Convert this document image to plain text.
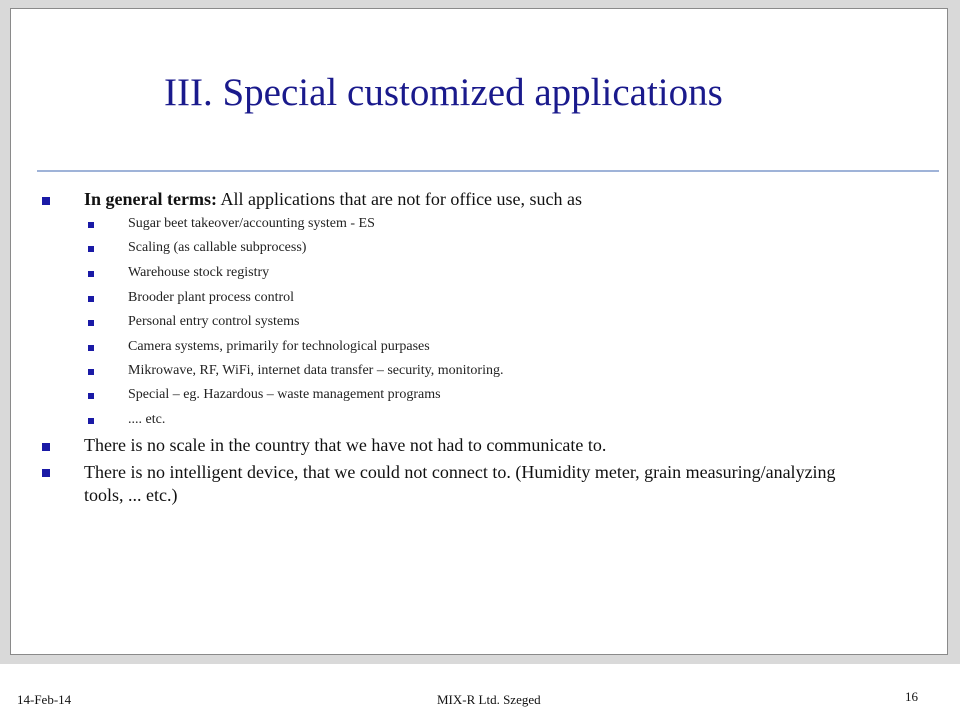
III. Special customized applications
In general terms: All applications that are not for office use, such as
Sugar beet takeover/accounting system - ES
Scaling (as callable subprocess)
Warehouse stock registry
Brooder plant process control
Personal entry control systems
Camera systems, primarily for technological purpases
Mikrowave, RF, WiFi, internet data transfer – security, monitoring.
Special – eg. Hazardous – waste management programs
.... etc.
There is no scale in the country that we have not had to communicate to.
There is no intelligent device, that we could not connect to. (Humidity meter, grain measuring/analyzing
tools, ... etc.)
14-Feb-14	MIX-R Ltd. Szeged	16
